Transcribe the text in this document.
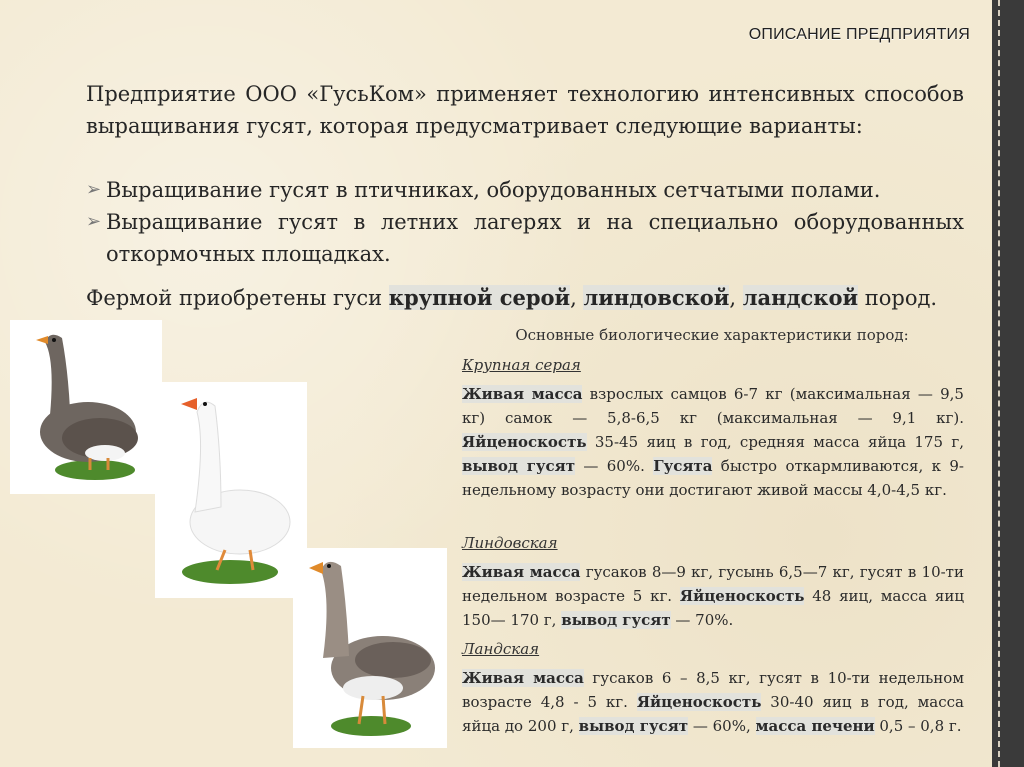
ОПИСАНИЕ ПРЕДПРИЯТИЯ
Предприятие ООО «ГусьКом» применяет технологию интенсивных способов выращивания гусят, которая предусматривает следующие варианты:
➢ Выращивание гусят в птичниках, оборудованных сетчатыми полами.
➢ Выращивание гусят в летних лагерях и на специально оборудованных откормочных площадках.
Фермой приобретены гуси крупной серой, линдовской, ландской пород.
Основные биологические характеристики пород:
Крупная серая
Живая масса взрослых самцов 6-7 кг (максимальная — 9,5 кг) самок — 5,8-6,5 кг (максимальная — 9,1 кг). Яйценоскость 35-45 яиц в год, средняя масса яйца 175 г, вывод гусят — 60%. Гусята быстро откармливаются, к 9-недельному возрасту они достигают живой массы 4,0-4,5 кг.
Линдовская
Живая масса гусаков 8—9 кг, гусынь 6,5—7 кг, гусят в 10-ти недельном возрасте 5 кг. Яйценоскость 48 яиц, масса яиц 150— 170 г, вывод гусят — 70%.
Ландская
Живая масса гусаков 6 – 8,5 кг, гусят в 10-ти недельном возрасте 4,8 - 5 кг. Яйценоскость 30-40 яиц в год, масса яйца до 200 г, вывод гусят — 60%, масса печени 0,5 – 0,8 г.
